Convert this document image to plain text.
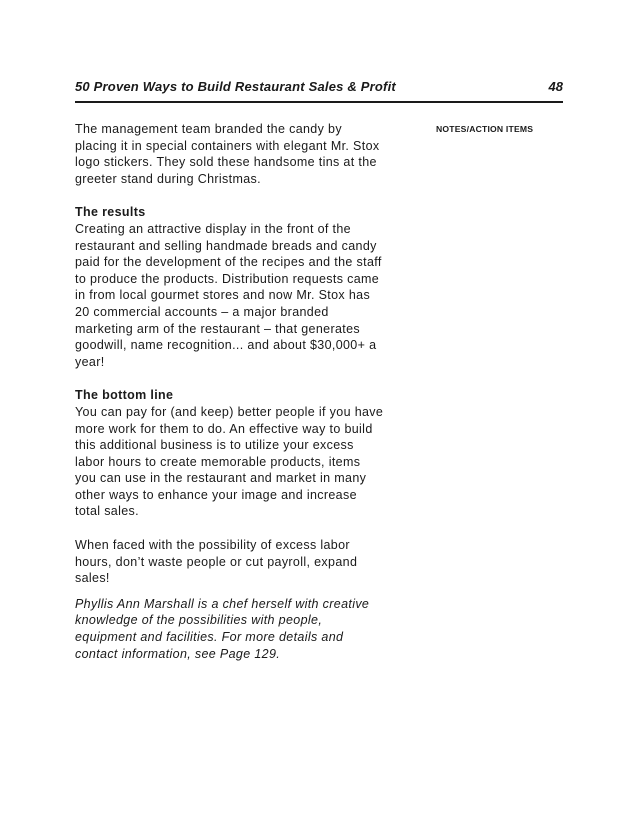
50 Proven Ways to Build Restaurant Sales & Profit	48

The management team branded the candy by placing it in special containers with elegant Mr. Stox logo stickers. They sold these handsome tins at the greeter stand during Christmas.

The results

Creating an attractive display in the front of the restaurant and selling handmade breads and candy paid for the development of the recipes and the staff to produce the products. Distribution requests came in from local gourmet stores and now Mr. Stox has 20 commercial accounts – a major branded marketing arm of the restaurant – that generates goodwill, name recognition... and about $30,000+ a year!

The bottom line

You can pay for (and keep) better people if you have more work for them to do. An effective way to build this additional business is to utilize your excess labor hours to create memorable products, items you can use in the restaurant and market in many other ways to enhance your image and increase total sales.

When faced with the possibility of excess labor hours, don’t waste people or cut payroll, expand sales!

Phyllis Ann Marshall is a chef herself with creative knowledge of the possibilities with people, equipment and facilities. For more details and contact information, see Page 129.

NOTES/ACTION ITEMS
